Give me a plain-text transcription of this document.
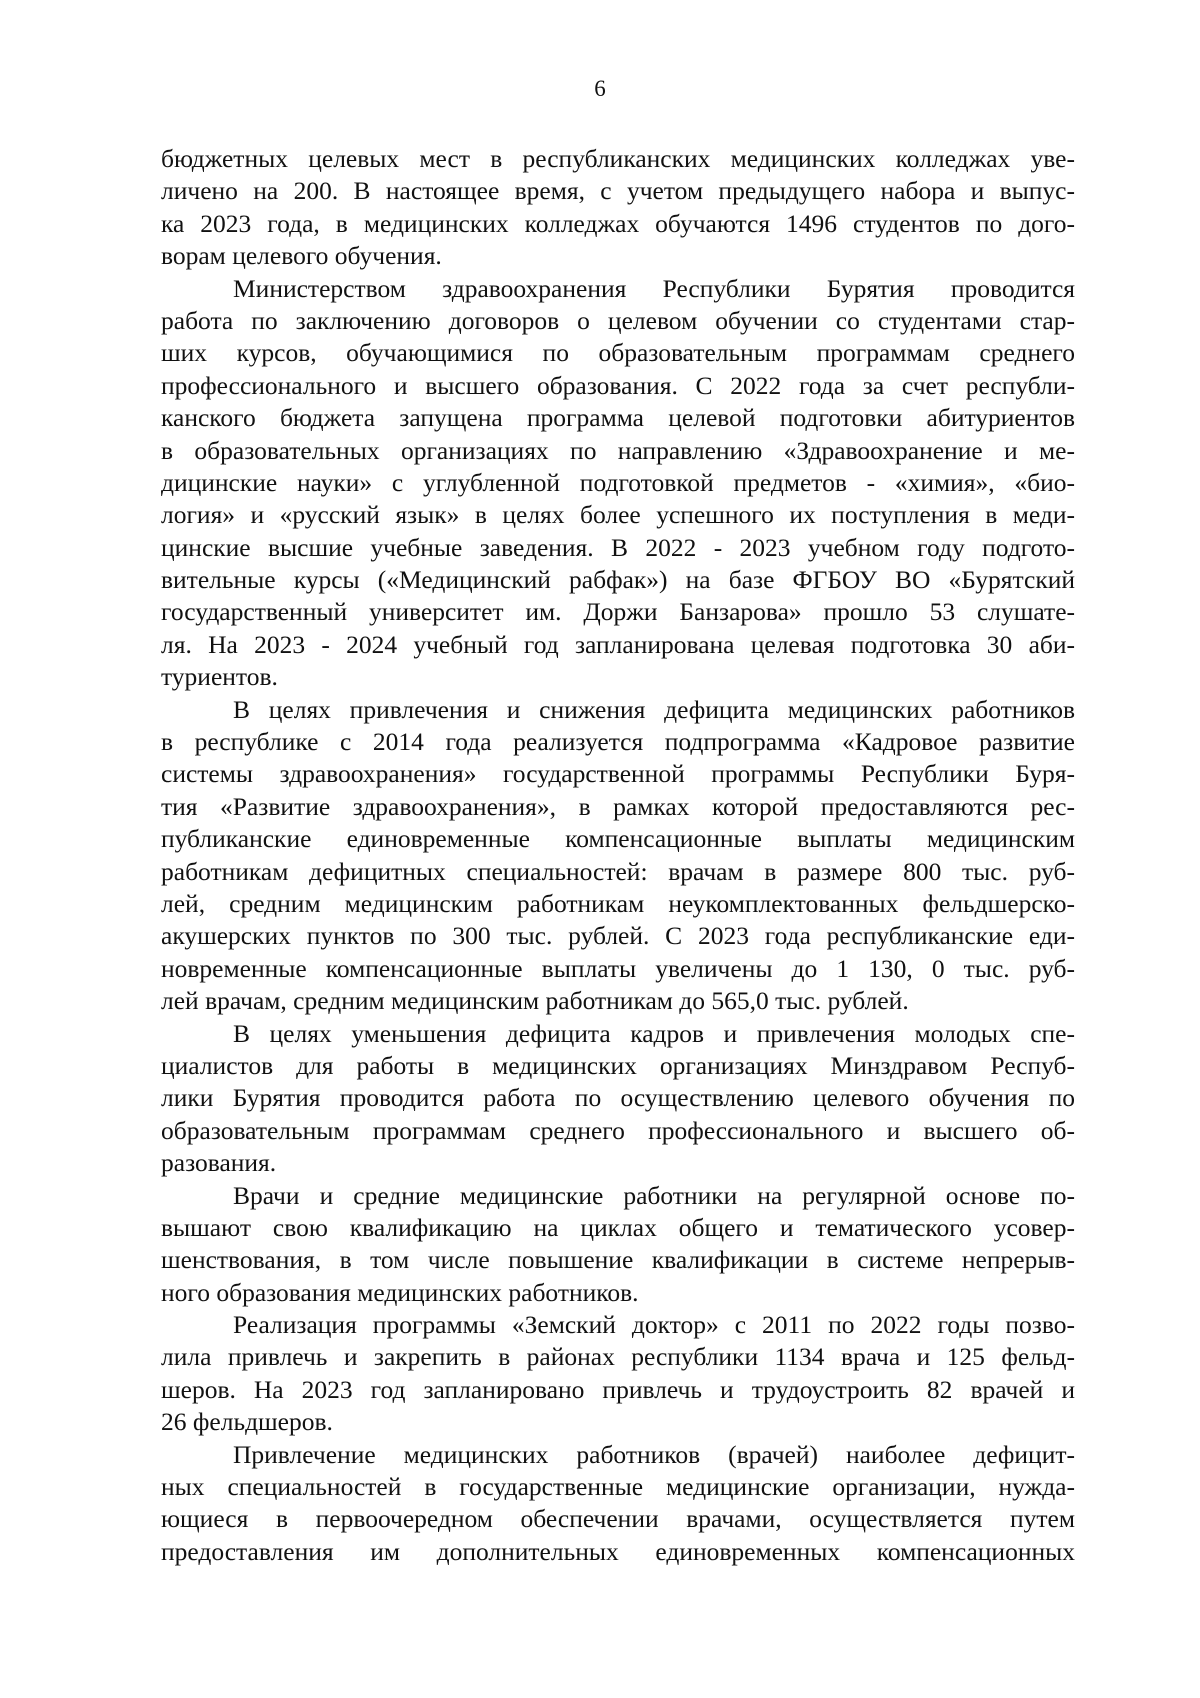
6
бюджетных целевых мест в республиканских медицинских колледжах уве-
личено на 200. В настоящее время, с учетом предыдущего набора и выпус-
ка 2023 года, в медицинских колледжах обучаются 1496 студентов по дого-
ворам целевого обучения.
Министерством здравоохранения Республики Бурятия проводится
работа по заключению договоров о целевом обучении со студентами стар-
ших курсов, обучающимися по образовательным программам среднего
профессионального и высшего образования. С 2022 года за счет республи-
канского бюджета запущена программа целевой подготовки абитуриентов
в образовательных организациях по направлению «Здравоохранение и ме-
дицинские науки» с углубленной подготовкой предметов - «химия», «био-
логия» и «русский язык» в целях более успешного их поступления в меди-
цинские высшие учебные заведения. В 2022 - 2023 учебном году подгото-
вительные курсы («Медицинский рабфак») на базе ФГБОУ ВО «Бурятский
государственный университет им. Доржи Банзарова» прошло 53 слушате-
ля. На 2023 - 2024 учебный год запланирована целевая подготовка 30 аби-
туриентов.
В целях привлечения и снижения дефицита медицинских работников
в республике с 2014 года реализуется подпрограмма «Кадровое развитие
системы здравоохранения» государственной программы Республики Буря-
тия «Развитие здравоохранения», в рамках которой предоставляются рес-
публиканские единовременные компенсационные выплаты медицинским
работникам дефицитных специальностей: врачам в размере 800 тыс. руб-
лей, средним медицинским работникам неукомплектованных фельдшерско-
акушерских пунктов по 300 тыс. рублей. С 2023 года республиканские еди-
новременные компенсационные выплаты увеличены до 1 130, 0 тыс. руб-
лей врачам, средним медицинским работникам до 565,0 тыс. рублей.
В целях уменьшения дефицита кадров и привлечения молодых спе-
циалистов для работы в медицинских организациях Минздравом Респуб-
лики Бурятия проводится работа по осуществлению целевого обучения по
образовательным программам среднего профессионального и высшего об-
разования.
Врачи и средние медицинские работники на регулярной основе по-
вышают свою квалификацию на циклах общего и тематического усовер-
шенствования, в том числе повышение квалификации в системе непрерыв-
ного образования медицинских работников.
Реализация программы «Земский доктор» с 2011 по 2022 годы позво-
лила привлечь и закрепить в районах республики 1134 врача и 125 фельд-
шеров. На 2023 год запланировано привлечь и трудоустроить 82 врачей и
26 фельдшеров.
Привлечение медицинских работников (врачей) наиболее дефицит-
ных специальностей в государственные медицинские организации, нужда-
ющиеся в первоочередном обеспечении врачами, осуществляется путем
предоставления им дополнительных единовременных компенсационных
